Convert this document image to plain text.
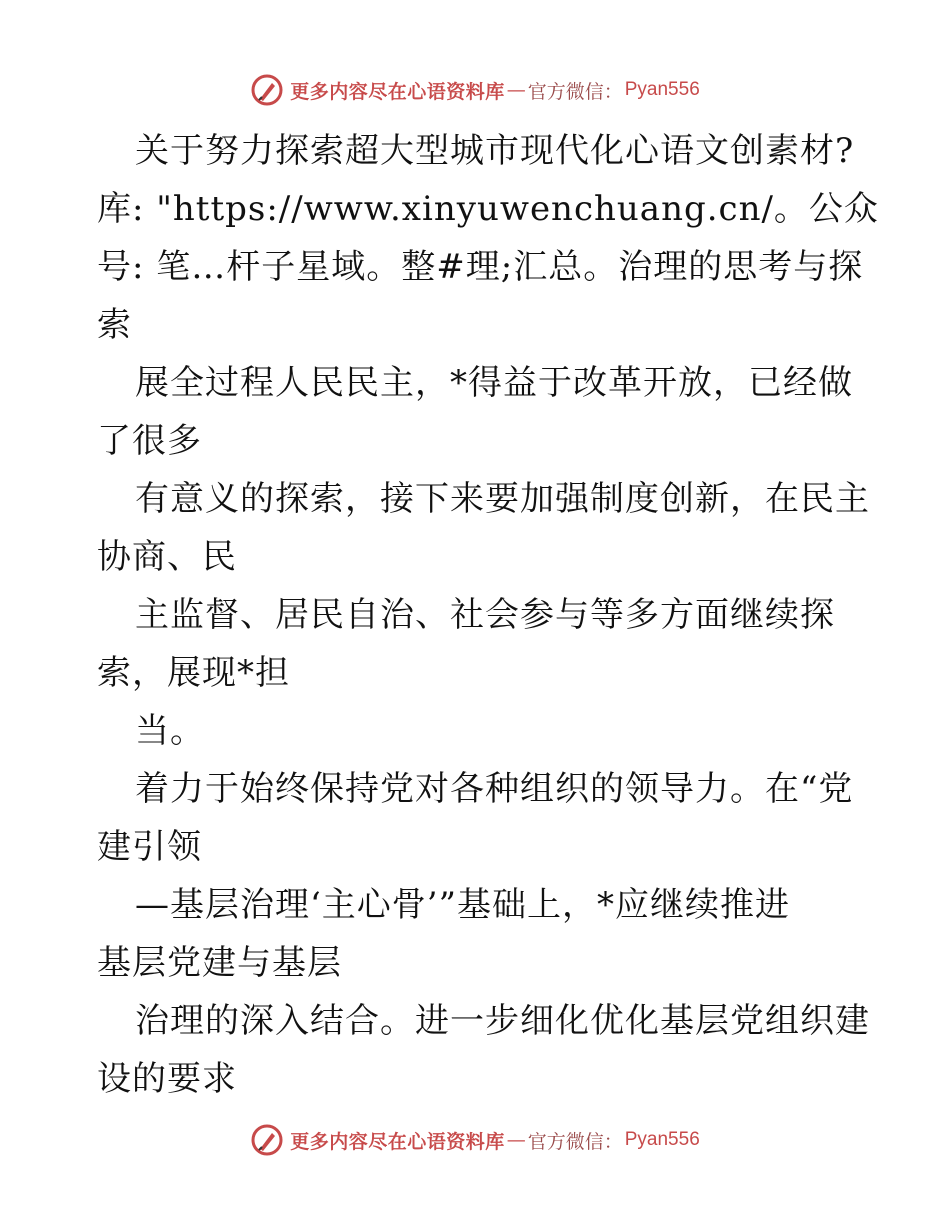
更多内容尽在心语资料库 — 官方微信： Pyan556
关于努力探索超大型城市现代化心语文创素材?
库: "https://www.xinyuwenchuang.cn/。公众
号: 笔…杆子星域。整#理;汇总。治理的思考与探
索
展全过程人民民主，*得益于改革开放，已经做
了很多
有意义的探索，接下来要加强制度创新，在民主
协商、民
主监督、居民自治、社会参与等多方面继续探
索，展现*担
当。
着力于始终保持党对各种组织的领导力。在“党
建引领
—基层治理‘主心骨’”基础上，*应继续推进
基层党建与基层
治理的深入结合。进一步细化优化基层党组织建
设的要求
更多内容尽在心语资料库 — 官方微信： Pyan556
